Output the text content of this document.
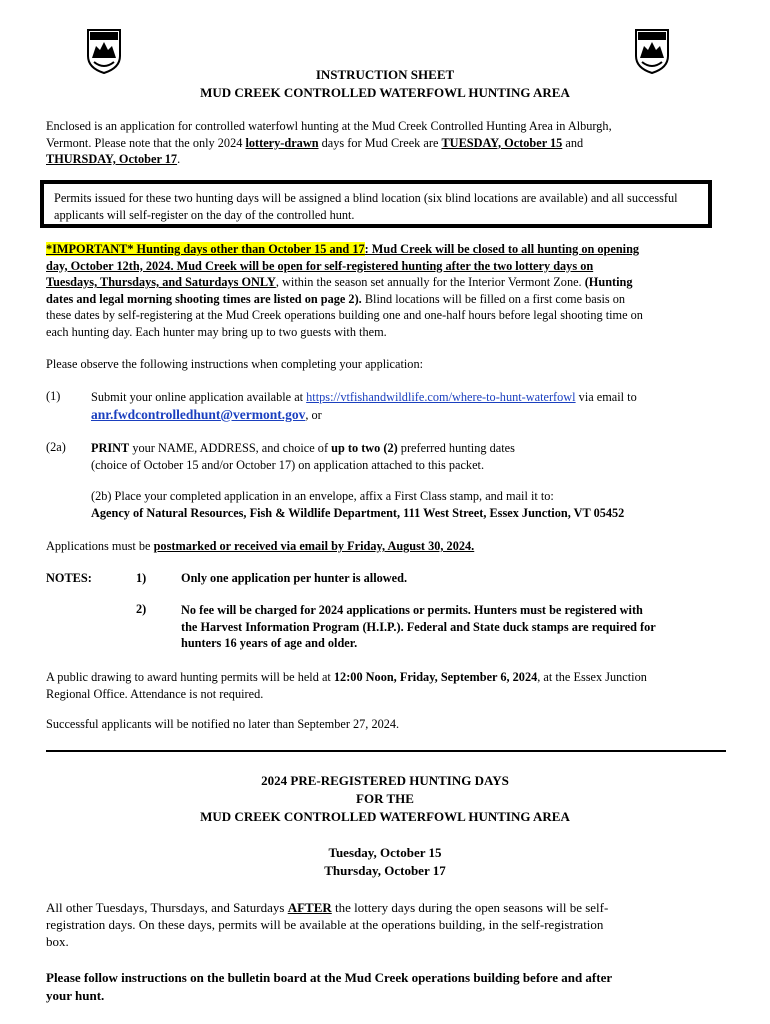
INSTRUCTION SHEET
MUD CREEK CONTROLLED WATERFOWL HUNTING AREA
Enclosed is an application for controlled waterfowl hunting at the Mud Creek Controlled Hunting Area in Alburgh,
Vermont. Please note that the only 2024 lottery-drawn days for Mud Creek are TUESDAY, October 15 and
THURSDAY, October 17.
Permits issued for these two hunting days will be assigned a blind location (six blind locations are available) and all successful applicants will self-register on the day of the controlled hunt.
*IMPORTANT* Hunting days other than October 15 and 17: Mud Creek will be closed to all hunting on opening
day, October 12th, 2024. Mud Creek will be open for self-registered hunting after the two lottery days on
Tuesdays, Thursdays, and Saturdays ONLY, within the season set annually for the Interior Vermont Zone. (Hunting
dates and legal morning shooting times are listed on page 2). Blind locations will be filled on a first come basis on
these dates by self-registering at the Mud Creek operations building one and one-half hours before legal shooting time on
each hunting day. Each hunter may bring up to two guests with them.
Please observe the following instructions when completing your application:
(1) Submit your online application available at https://vtfishandwildlife.com/where-to-hunt-waterfowl via email to
anr.fwdcontrolledhunt@vermont.gov, or
(2a) PRINT your NAME, ADDRESS, and choice of up to two (2) preferred hunting dates
(choice of October 15 and/or October 17) on application attached to this packet.
(2b) Place your completed application in an envelope, affix a First Class stamp, and mail it to:
Agency of Natural Resources, Fish & Wildlife Department, 111 West Street, Essex Junction, VT 05452
Applications must be postmarked or received via email by Friday, August 30, 2024.
NOTES:	1)	Only one application per hunter is allowed.
2)	No fee will be charged for 2024 applications or permits. Hunters must be registered with
the Harvest Information Program (H.I.P.). Federal and State duck stamps are required for
hunters 16 years of age and older.
A public drawing to award hunting permits will be held at 12:00 Noon, Friday, September 6, 2024, at the Essex Junction
Regional Office. Attendance is not required.
Successful applicants will be notified no later than September 27, 2024.
2024 PRE-REGISTERED HUNTING DAYS
FOR THE
MUD CREEK CONTROLLED WATERFOWL HUNTING AREA
Tuesday, October 15
Thursday, October 17
All other Tuesdays, Thursdays, and Saturdays AFTER the lottery days during the open seasons will be self-
registration days. On these days, permits will be available at the operations building, in the self-registration
box.
Please follow instructions on the bulletin board at the Mud Creek operations building before and after
your hunt.
